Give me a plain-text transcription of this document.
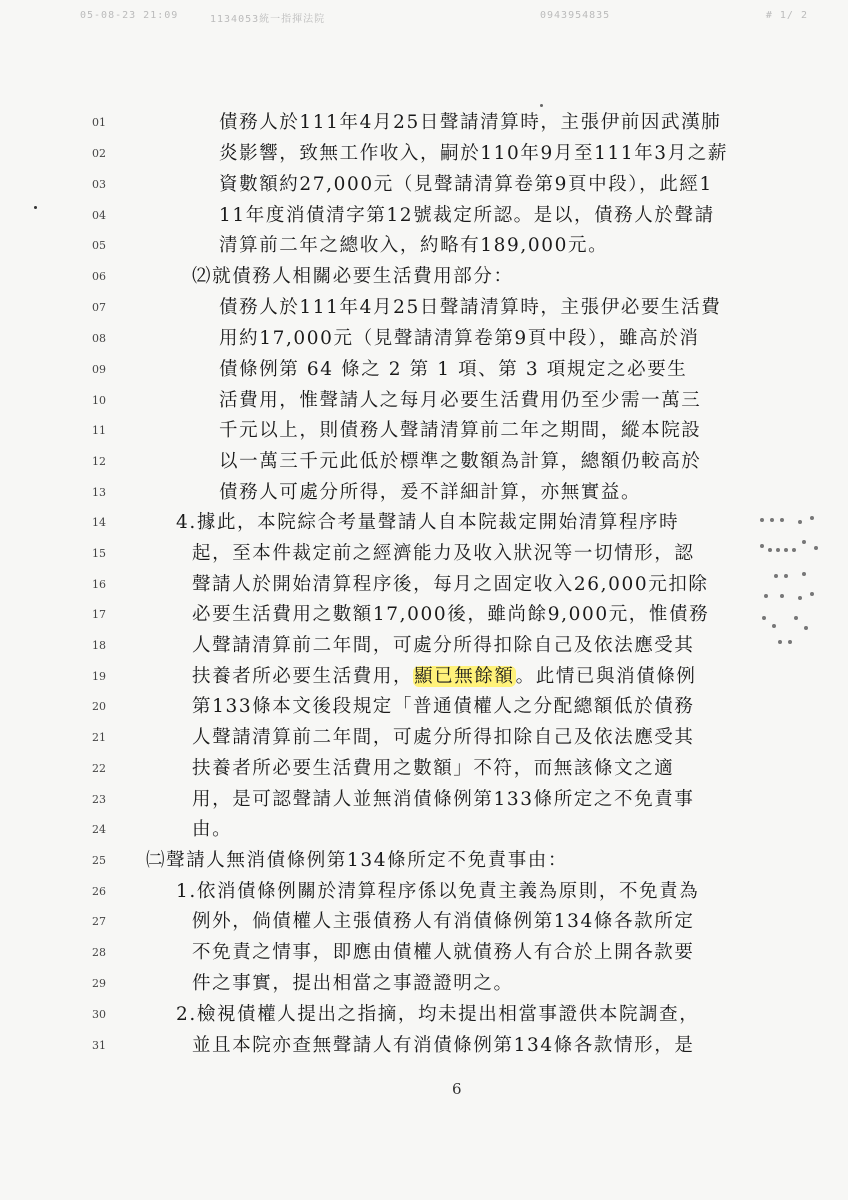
05-08-23 21:09	1134053統一指揮法院	0943954835	# 1/ 2
01	債務人於111年4月25日聲請清算時，主張伊前因武漢肺
02	炎影響，致無工作收入，嗣於110年9月至111年3月之薪
03	資數額約27,000元（見聲請清算卷第9頁中段），此經1
04	11年度消債清字第12號裁定所認。是以，債務人於聲請
05	清算前二年之總收入，約略有189,000元。
06	⑵就債務人相關必要生活費用部分：
07	債務人於111年4月25日聲請清算時，主張伊必要生活費
08	用約17,000元（見聲請清算卷第9頁中段），雖高於消
09	債條例第 64 條之 2 第 1 項、第 3 項規定之必要生
10	活費用，惟聲請人之每月必要生活費用仍至少需一萬三
11	千元以上，則債務人聲請清算前二年之期間，縱本院設
12	以一萬三千元此低於標準之數額為計算，總額仍較高於
13	債務人可處分所得，爰不詳細計算，亦無實益。
14	4.據此，本院綜合考量聲請人自本院裁定開始清算程序時
15	起，至本件裁定前之經濟能力及收入狀況等一切情形，認
16	聲請人於開始清算程序後，每月之固定收入26,000元扣除
17	必要生活費用之數額17,000後，雖尚餘9,000元，惟債務
18	人聲請清算前二年間，可處分所得扣除自己及依法應受其
19	扶養者所必要生活費用，顯已無餘額。此情已與消債條例
20	第133條本文後段規定「普通債權人之分配總額低於債務
21	人聲請清算前二年間，可處分所得扣除自己及依法應受其
22	扶養者所必要生活費用之數額」不符，而無該條文之適
23	用，是可認聲請人並無消債條例第133條所定之不免責事
24	由。
25 ㈡聲請人無消債條例第134條所定不免責事由：
26	1.依消債條例關於清算程序係以免責主義為原則，不免責為
27	例外，倘債權人主張債務人有消債條例第134條各款所定
28	不免責之情事，即應由債權人就債務人有合於上開各款要
29	件之事實，提出相當之事證證明之。
30	2.檢視債權人提出之指摘，均未提出相當事證供本院調查，
31	並且本院亦查無聲請人有消債條例第134條各款情形，是
6
